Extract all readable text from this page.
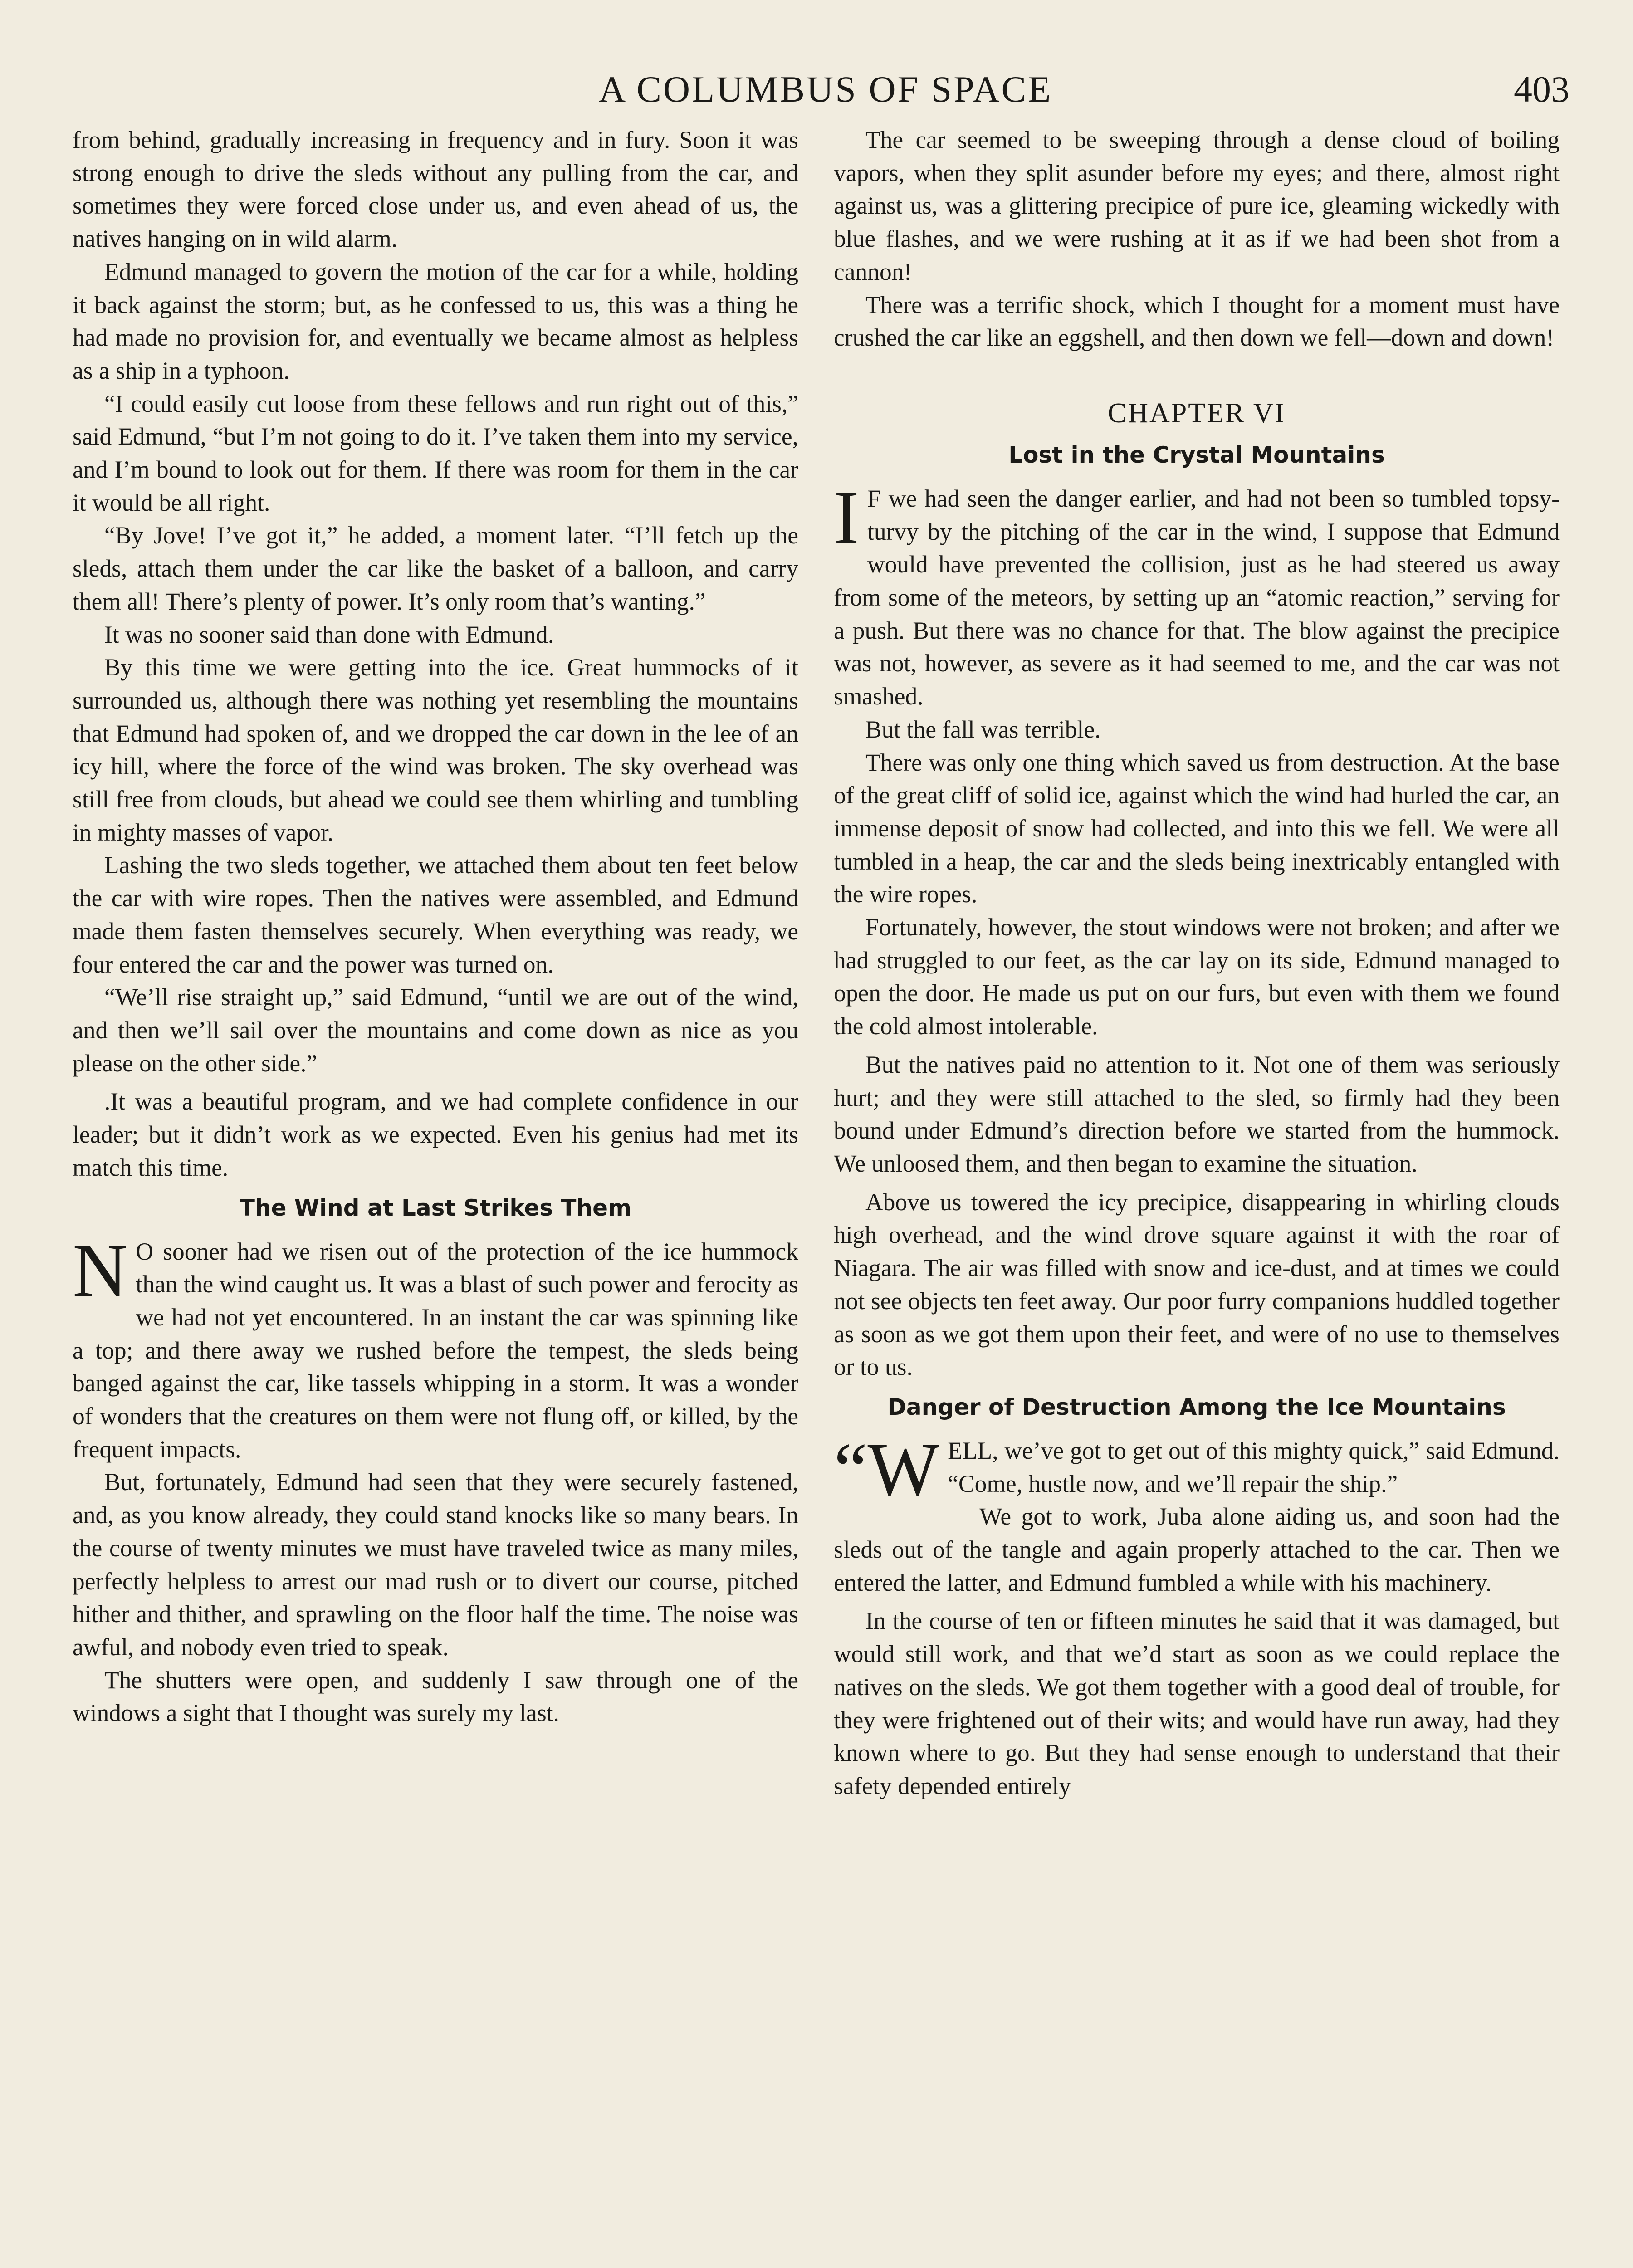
A COLUMBUS OF SPACE	403

from behind, gradually increasing in frequency and in fury. Soon it was strong enough to drive the sleds without any pulling from the car, and sometimes they were forced close under us, and even ahead of us, the natives hanging on in wild alarm.

Edmund managed to govern the motion of the car for a while, holding it back against the storm; but, as he confessed to us, this was a thing he had made no provision for, and eventually we became almost as helpless as a ship in a typhoon.

“I could easily cut loose from these fellows and run right out of this,” said Edmund, “but I’m not going to do it. I’ve taken them into my service, and I’m bound to look out for them. If there was room for them in the car it would be all right.

“By Jove! I’ve got it,” he added, a moment later. “I’ll fetch up the sleds, attach them under the car like the basket of a balloon, and carry them all! There’s plenty of power. It’s only room that’s wanting.”

It was no sooner said than done with Edmund.

By this time we were getting into the ice. Great hummocks of it surrounded us, although there was nothing yet resembling the mountains that Edmund had spoken of, and we dropped the car down in the lee of an icy hill, where the force of the wind was broken. The sky overhead was still free from clouds, but ahead we could see them whirling and tumbling in mighty masses of vapor.

Lashing the two sleds together, we attached them about ten feet below the car with wire ropes. Then the natives were assembled, and Edmund made them fasten themselves securely. When everything was ready, we four entered the car and the power was turned on.

“We’ll rise straight up,” said Edmund, “until we are out of the wind, and then we’ll sail over the mountains and come down as nice as you please on the other side.”

.It was a beautiful program, and we had complete confidence in our leader; but it didn’t work as we expected. Even his genius had met its match this time.

The Wind at Last Strikes Them

N O sooner had we risen out of the protection of the ice hummock than the wind caught us. It was a blast of such power and ferocity as we had not yet encountered. In an instant the car was spinning like a top; and there away we rushed before the tempest, the sleds being banged against the car, like tassels whipping in a storm. It was a wonder of wonders that the creatures on them were not flung off, or killed, by the frequent impacts.

But, fortunately, Edmund had seen that they were securely fastened, and, as you know already, they could stand knocks like so many bears. In the course of twenty minutes we must have traveled twice as many miles, perfectly helpless to arrest our mad rush or to divert our course, pitched hither and thither, and sprawling on the floor half the time. The noise was awful, and nobody even tried to speak.

The shutters were open, and suddenly I saw through one of the windows a sight that I thought was surely my last.

The car seemed to be sweeping through a dense cloud of boiling vapors, when they split asunder before my eyes; and there, almost right against us, was a glittering precipice of pure ice, gleaming wickedly with blue flashes, and we were rushing at it as if we had been shot from a cannon!

There was a terrific shock, which I thought for a moment must have crushed the car like an eggshell, and then down we fell—down and down!

CHAPTER VI
Lost in the Crystal Mountains

I F we had seen the danger earlier, and had not been so tumbled topsy-turvy by the pitching of the car in the wind, I suppose that Edmund would have prevented the collision, just as he had steered us away from some of the meteors, by setting up an “atomic reaction,” serving for a push. But there was no chance for that. The blow against the precipice was not, however, as severe as it had seemed to me, and the car was not smashed.

But the fall was terrible.

There was only one thing which saved us from destruction. At the base of the great cliff of solid ice, against which the wind had hurled the car, an immense deposit of snow had collected, and into this we fell. We were all tumbled in a heap, the car and the sleds being inextricably entangled with the wire ropes.

Fortunately, however, the stout windows were not broken; and after we had struggled to our feet, as the car lay on its side, Edmund managed to open the door. He made us put on our furs, but even with them we found the cold almost intolerable.

But the natives paid no attention to it. Not one of them was seriously hurt; and they were still attached to the sled, so firmly had they been bound under Edmund’s direction before we started from the hummock. We unloosed them, and then began to examine the situation.

Above us towered the icy precipice, disappearing in whirling clouds high overhead, and the wind drove square against it with the roar of Niagara. The air was filled with snow and ice-dust, and at times we could not see objects ten feet away. Our poor furry companions huddled together as soon as we got them upon their feet, and were of no use to themselves or to us.

Danger of Destruction Among the Ice Mountains

“WELL, we’ve got to get out of this mighty quick,” said Edmund. “Come, hustle now, and we’ll repair the ship.”

We got to work, Juba alone aiding us, and soon had the sleds out of the tangle and again properly attached to the car. Then we entered the latter, and Edmund fumbled a while with his machinery.

In the course of ten or fifteen minutes he said that it was damaged, but would still work, and that we’d start as soon as we could replace the natives on the sleds. We got them together with a good deal of trouble, for they were frightened out of their wits; and would have run away, had they known where to go. But they had sense enough to understand that their safety depended entirely
